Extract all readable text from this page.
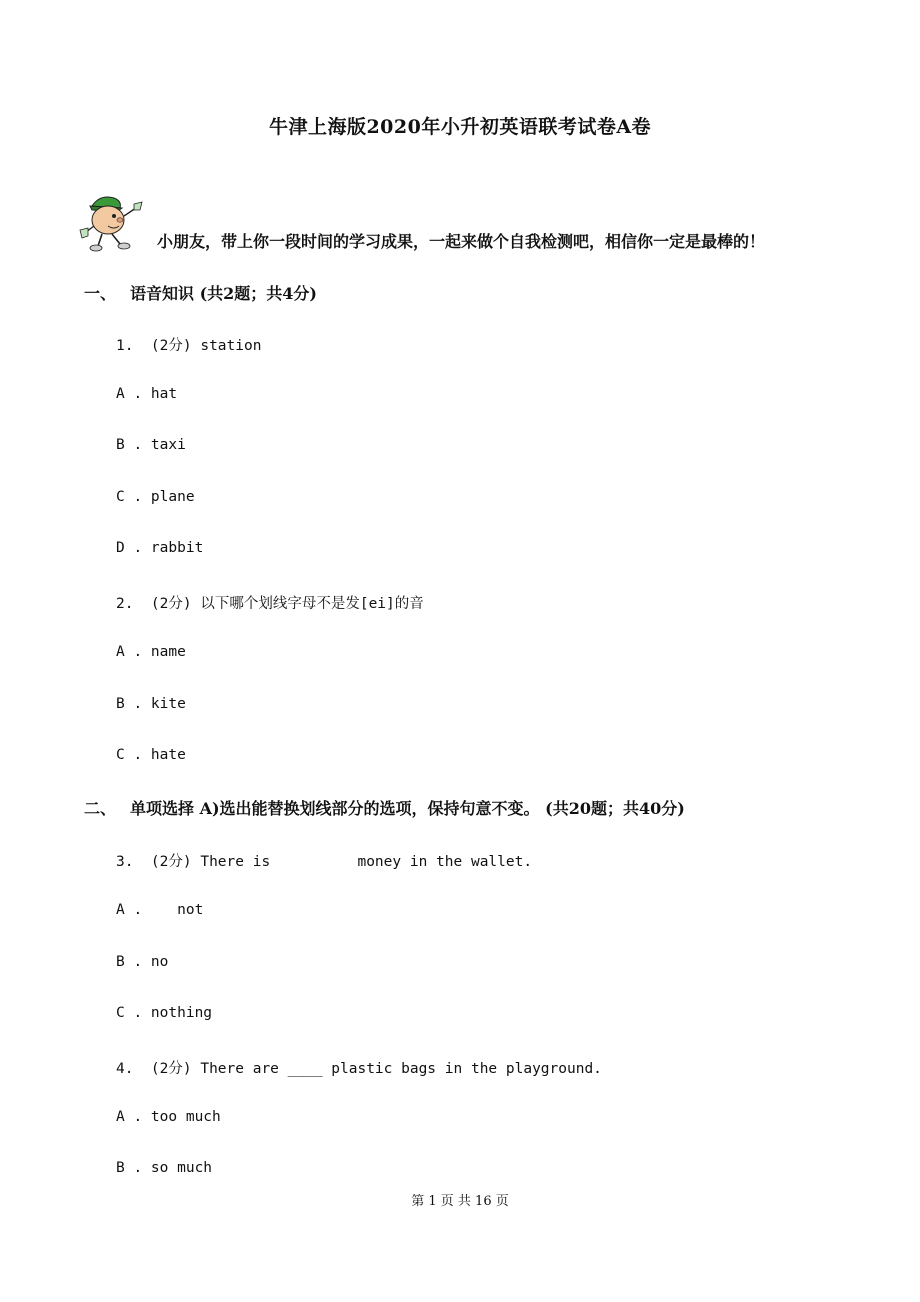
牛津上海版2020年小升初英语联考试卷A卷
小朋友，带上你一段时间的学习成果，一起来做个自我检测吧，相信你一定是最棒的！
一、 语音知识 (共2题；共4分)
1.  (2分) station
A . hat
B . taxi
C . plane
D . rabbit
2.  (2分) 以下哪个划线字母不是发[ei]的音
A . name
B . kite
C . hate
二、 单项选择 A)选出能替换划线部分的选项，保持句意不变。 (共20题；共40分)
3.  (2分) There is          money in the wallet.
A .    not
B . no
C . nothing
4.  (2分) There are ____ plastic bags in the playground.
A . too much
B . so much
第 1 页 共 16 页
